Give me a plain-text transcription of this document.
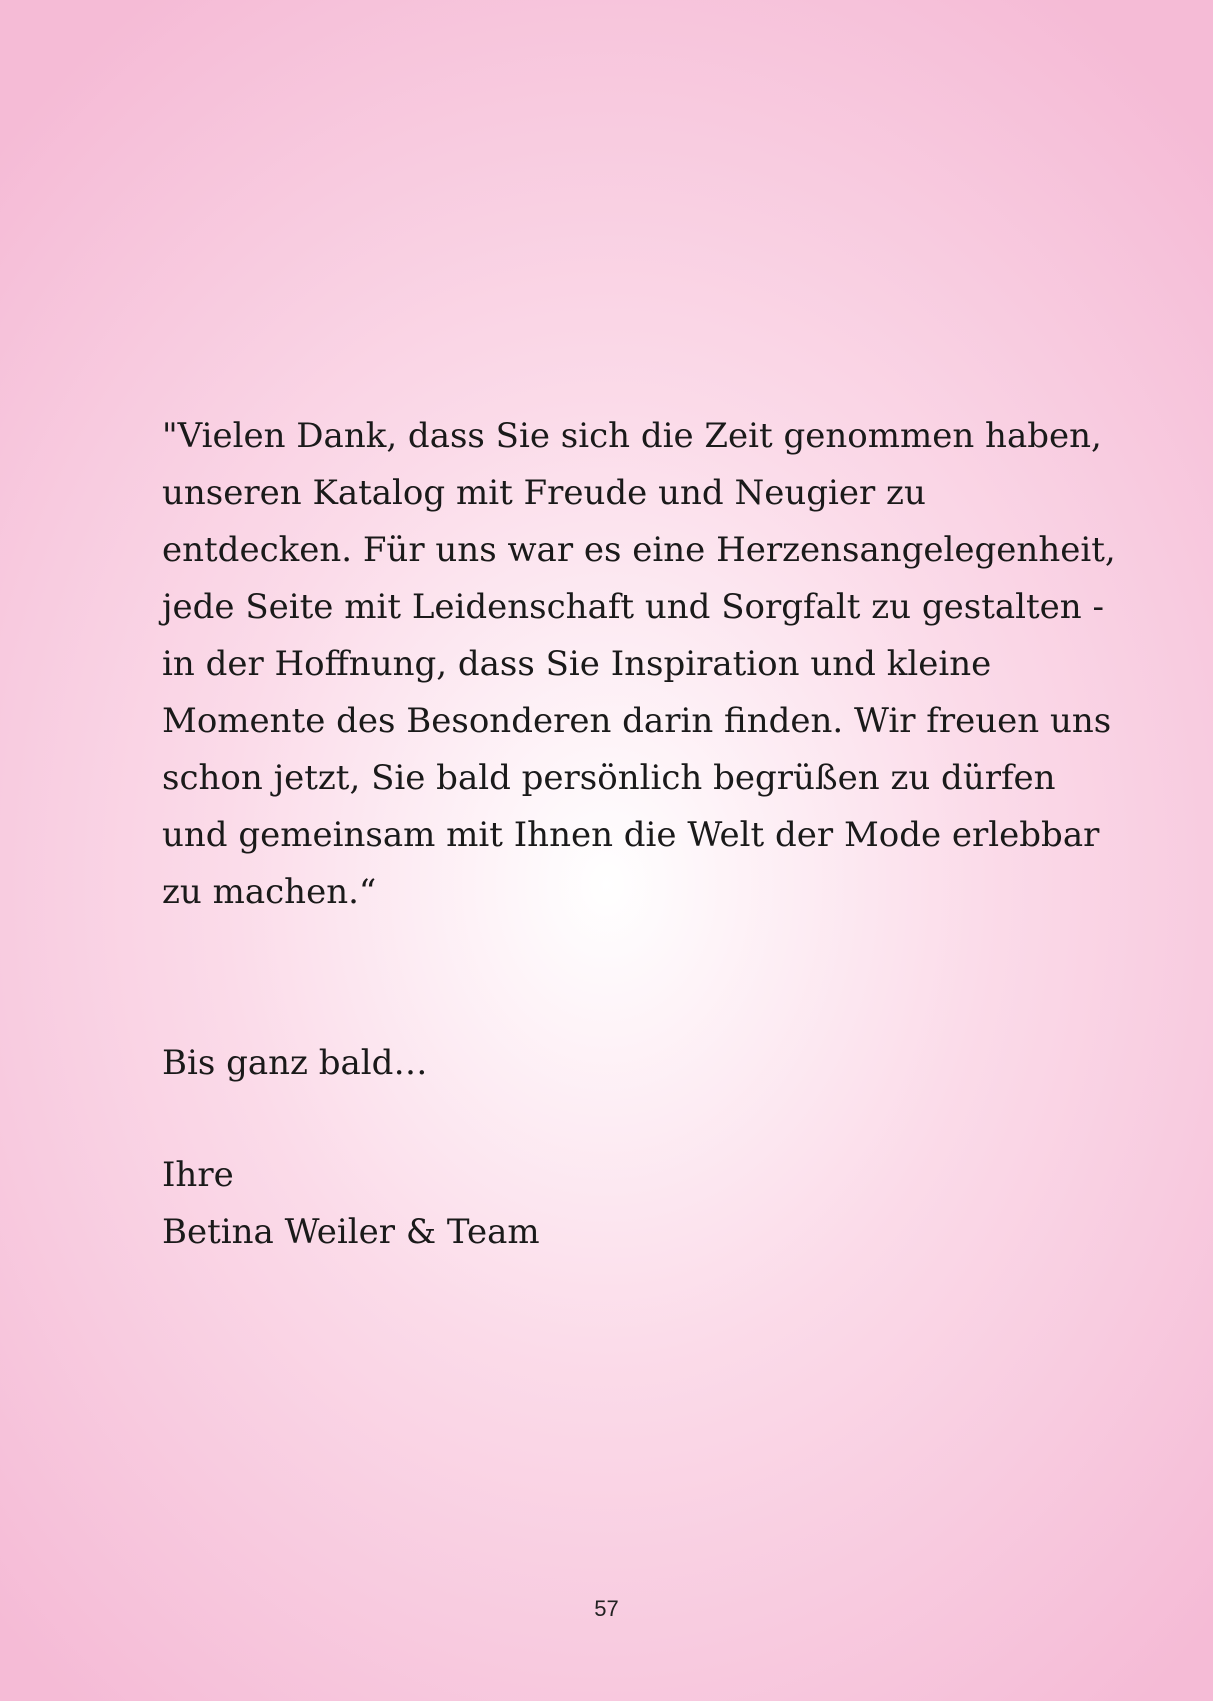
"Vielen Dank, dass Sie sich die Zeit genommen haben,
unseren Katalog mit Freude und Neugier zu
entdecken. Für uns war es eine Herzensangelegenheit,
jede Seite mit Leidenschaft und Sorgfalt zu gestalten -
in der Hoffnung, dass Sie Inspiration und kleine
Momente des Besonderen darin finden. Wir freuen uns
schon jetzt, Sie bald persönlich begrüßen zu dürfen
und gemeinsam mit Ihnen die Welt der Mode erlebbar
zu machen.“
Bis ganz bald…
Ihre
Betina Weiler & Team
57
